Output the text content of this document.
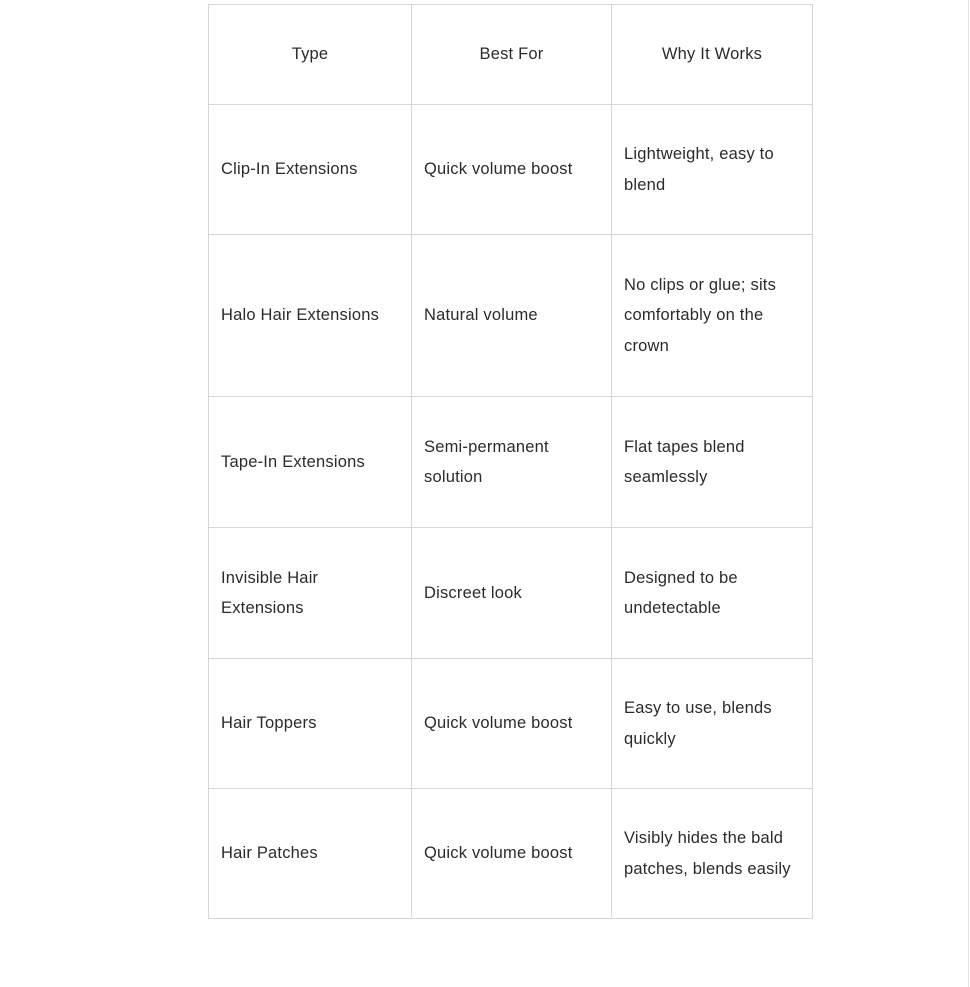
Type	Best For	Why It Works
Clip-In Extensions	Quick volume boost	Lightweight, easy to blend
Halo Hair Extensions	Natural volume	No clips or glue; sits comfortably on the crown
Tape-In Extensions	Semi-permanent solution	Flat tapes blend seamlessly
Invisible Hair Extensions	Discreet look	Designed to be undetectable
Hair Toppers	Quick volume boost	Easy to use, blends quickly
Hair Patches	Quick volume boost	Visibly hides the bald patches, blends easily
